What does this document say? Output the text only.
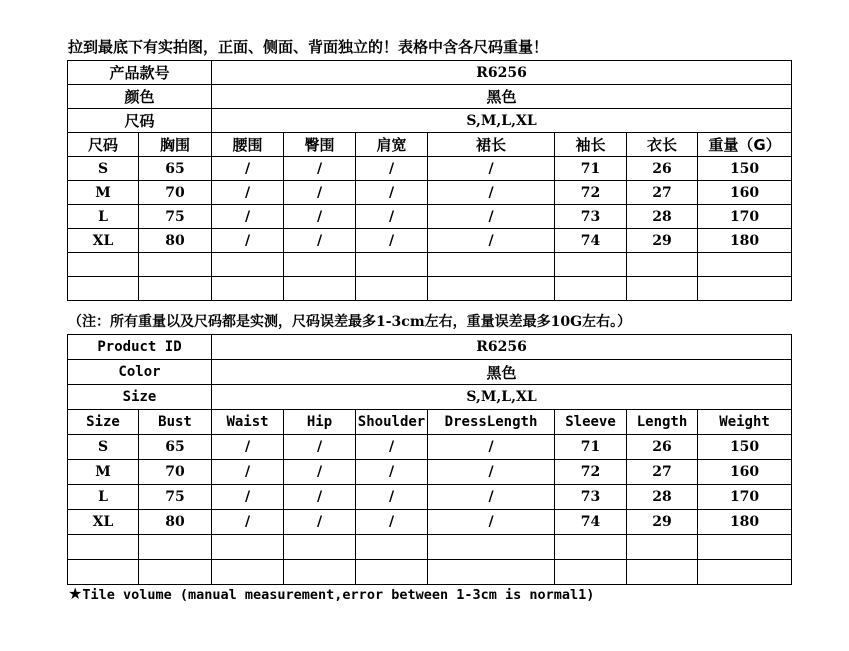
拉到最底下有实拍图，正面、侧面、背面独立的！表格中含各尺码重量！
产品款号		R6256						
颜色		黑色						
尺码		S,M,L,XL						
尺码	胸围	腰围	臀围	肩宽	裙长	袖长	衣长	重量（G）
S	65	/	/	/	/	71	26	150
M	70	/	/	/	/	72	27	160
L	75	/	/	/	/	73	28	170
XL	80	/	/	/	/	74	29	180

（注：所有重量以及尺码都是实测，尺码误差最多1-3cm左右，重量误差最多10G左右。）
Product ID		R6256						
Color		黑色						
Size		S,M,L,XL						
Size	Bust	Waist	Hip	Shoulder	DressLength	Sleeve	Length	Weight
S	65	/	/	/	/	71	26	150
M	70	/	/	/	/	72	27	160
L	75	/	/	/	/	73	28	170
XL	80	/	/	/	/	74	29	180

★Tile volume (manual measurement,error between 1-3cm is normal1)
